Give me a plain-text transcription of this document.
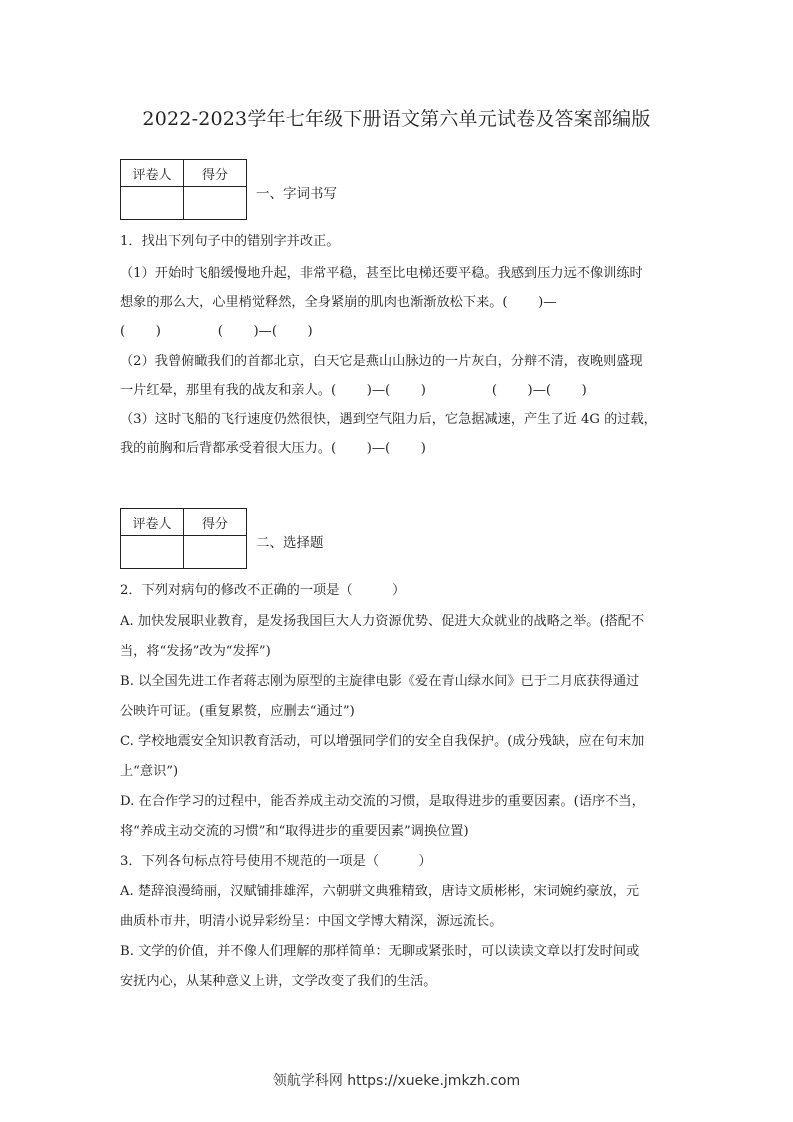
2022-2023学年七年级下册语文第六单元试卷及答案部编版
评卷人	得分

一、字词书写

1．找出下列句子中的错别字并改正。

（1）开始时飞船缓慢地升起，非常平稳，甚至比电梯还要平稳。我感到压力远不像训练时

想象的那么大，心里梢觉释然，全身紧崩的肌肉也渐渐放松下来。(　　 )—

(　　 )　　　　 (　　 )—(　　 )

（2）我曾俯瞰我们的首都北京，白天它是燕山山脉边的一片灰白，分辩不清，夜晚则盛现

一片红晕，那里有我的战友和亲人。(　　 )—(　　 )　　　　　(　　 )—(　　 )

（3）这时飞船的飞行速度仍然很快，遇到空气阻力后，它急据减速，产生了近 4G 的过载，

我的前胸和后背都承受着很大压力。(　　 )—(　　 )

评卷人	得分

二、选择题

2．下列对病句的修改不正确的一项是（　　　）

A. 加快发展职业教育，是发扬我国巨大人力资源优势、促进大众就业的战略之举。(搭配不

当，将“发扬”改为“发挥”)

B. 以全国先进工作者蒋志刚为原型的主旋律电影《爱在青山绿水间》已于二月底获得通过

公映许可证。(重复累赘，应删去“通过”)

C. 学校地震安全知识教育活动，可以增强同学们的安全自我保护。(成分残缺，应在句末加

上“意识”)

D. 在合作学习的过程中，能否养成主动交流的习惯，是取得进步的重要因素。(语序不当，

将“养成主动交流的习惯”和“取得进步的重要因素”调换位置)

3．下列各句标点符号使用不规范的一项是（　　　）

A. 楚辞浪漫绮丽，汉赋铺排雄浑，六朝骈文典雅精致，唐诗文质彬彬，宋词婉约豪放，元

曲质朴市井，明清小说异彩纷呈：中国文学博大精深，源远流长。

B. 文学的价值，并不像人们理解的那样简单：无聊或紧张时，可以读读文章以打发时间或

安抚内心，从某种意义上讲，文学改变了我们的生活。

领航学科网 https://xueke.jmkzh.com
